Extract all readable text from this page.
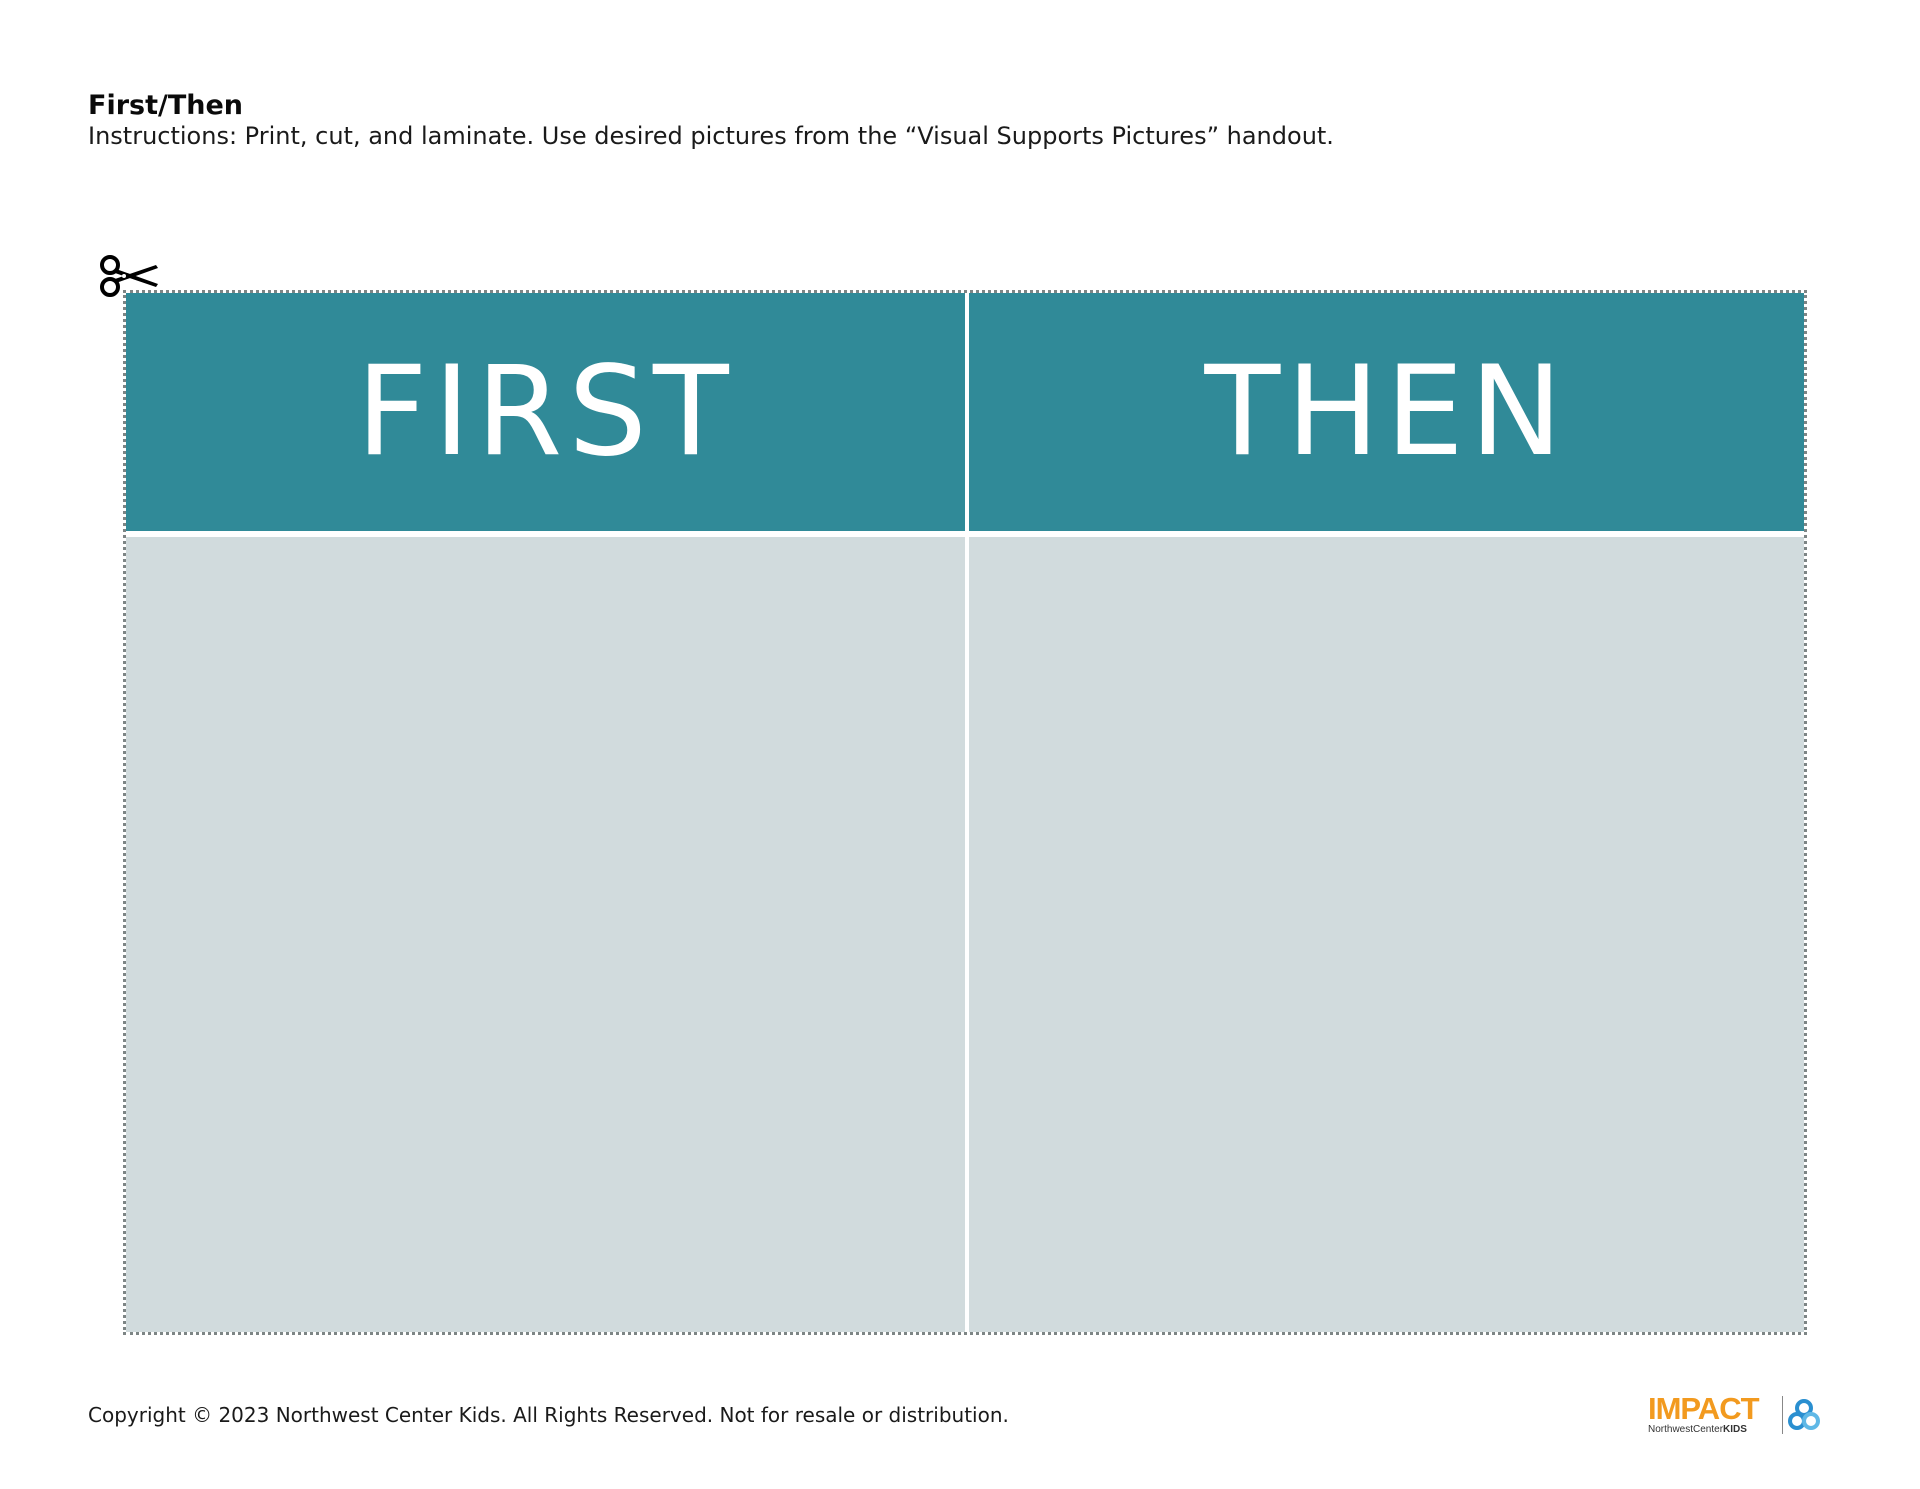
First/Then
Instructions: Print, cut, and laminate. Use desired pictures from the “Visual Supports Pictures” handout.
FIRST	THEN
Copyright © 2023 Northwest Center Kids. All Rights Reserved. Not for resale or distribution.	IMPACT
NorthwestCenterKIDS
